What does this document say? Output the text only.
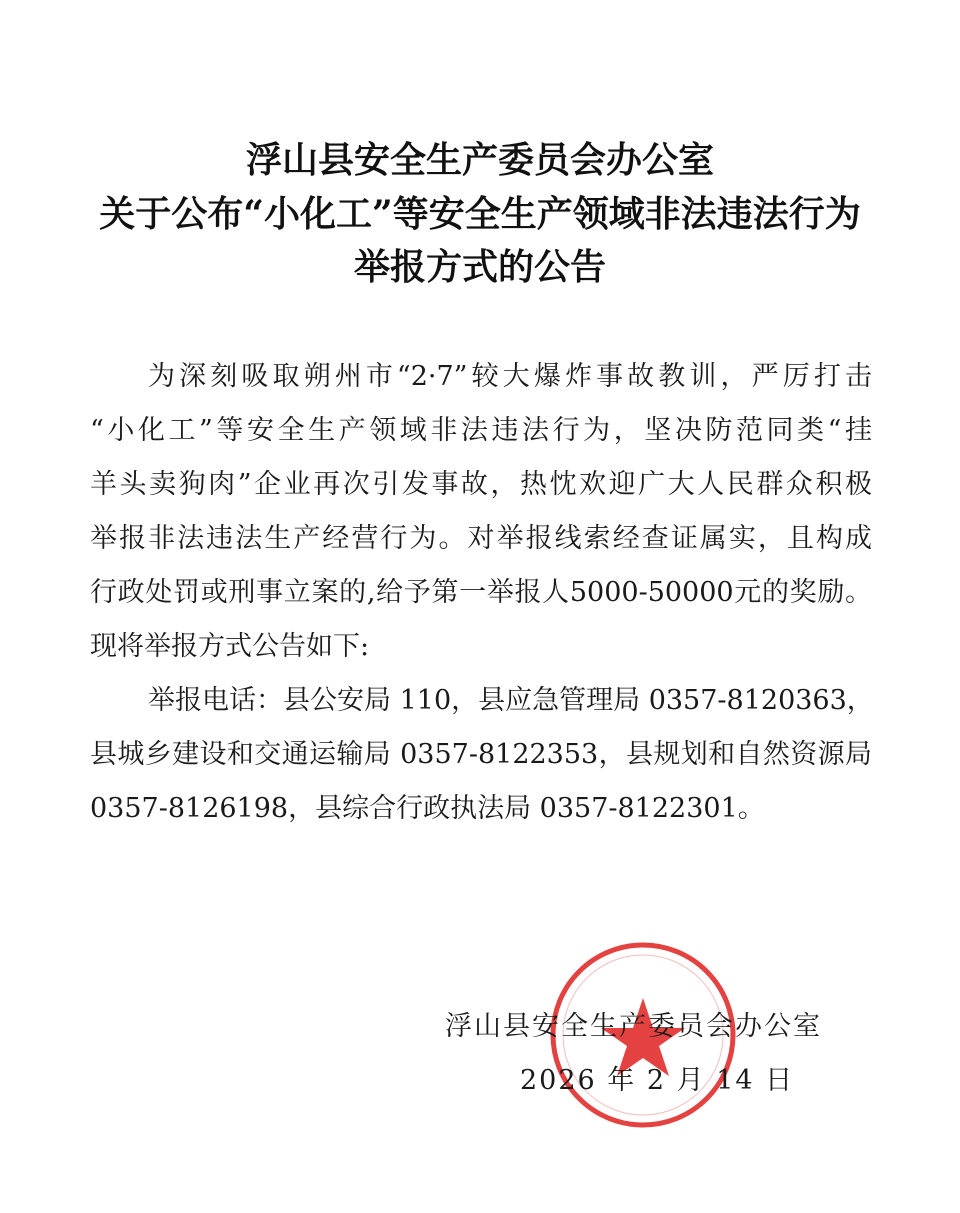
浮山县安全生产委员会办公室
关于公布“小化工”等安全生产领域非法违法行为
举报方式的公告
为深刻吸取朔州市“2·7”较大爆炸事故教训，严厉打击
“小化工”等安全生产领域非法违法行为，坚决防范同类“挂
羊头卖狗肉”企业再次引发事故，热忱欢迎广大人民群众积极
举报非法违法生产经营行为。对举报线索经查证属实，且构成
行政处罚或刑事立案的,给予第一举报人5000-50000元的奖励。
现将举报方式公告如下:
举报电话：县公安局 110，县应急管理局 0357-8120363，
县城乡建设和交通运输局 0357-8122353，县规划和自然资源局
0357-8126198，县综合行政执法局 0357-8122301。
浮山县安全生产委员会办公室
2026 年 2 月 14 日
